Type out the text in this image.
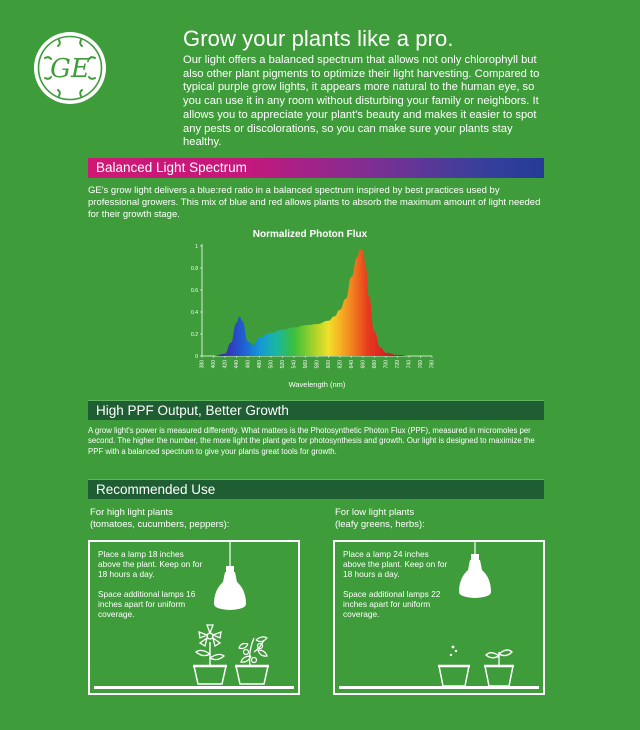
GE
Grow your plants like a pro.
Our light offers a balanced spectrum that allows not only chlorophyll but also other plant pigments to optimize their light harvesting. Compared to typical purple grow lights, it appears more natural to the human eye, so you can use it in any room without disturbing your family or neighbors. It allows you to appreciate your plant's beauty and makes it easier to spot any pests or discolorations, so you can make sure your plants stay healthy.
Balanced Light Spectrum
GE's grow light delivers a blue:red ratio in a balanced spectrum inspired by best practices used by professional growers. This mix of blue and red allows plants to absorb the maximum amount of light needed for their growth stage.
Normalized Photon Flux
0
0.2
0.4
0.6
0.8
1
380 400 420 440 460 480 500 520 540 560 580 600 620 640 660 680 700 720 740 760 780
Wavelength (nm)
High PPF Output, Better Growth
A grow light's power is measured differently. What matters is the Photosynthetic Photon Flux (PPF), measured in micromoles per second. The higher the number, the more light the plant gets for photosynthesis and growth. Our light is designed to maximize the PPF with a balanced spectrum to give your plants great tools for growth.
Recommended Use
For high light plants
(tomatoes, cucumbers, peppers):
For low light plants
(leafy greens, herbs):
Place a lamp 18 inches above the plant. Keep on for 18 hours a day.
Space additional lamps 16 inches apart for uniform coverage.
Place a lamp 24 inches above the plant. Keep on for 18 hours a day.
Space additional lamps 22 inches apart for uniform coverage.
